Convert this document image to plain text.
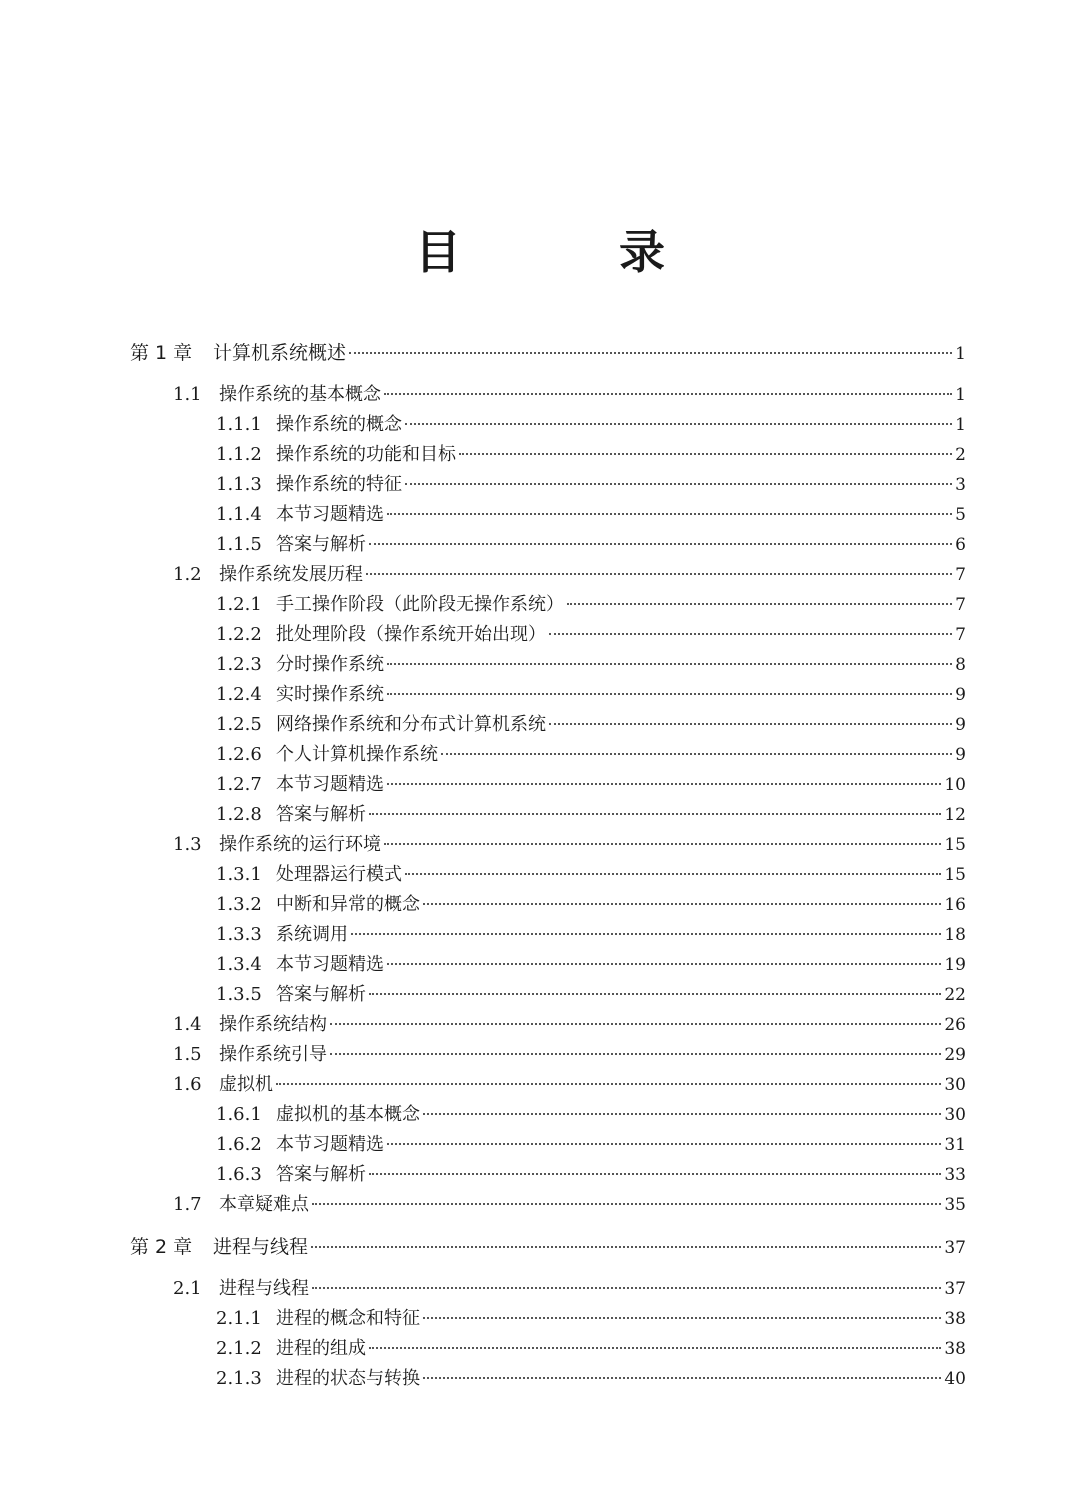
目　录
第 1 章	计算机系统概述	1
1.1 操作系统的基本概念	1
1.1.1 操作系统的概念	1
1.1.2 操作系统的功能和目标	2
1.1.3 操作系统的特征	3
1.1.4 本节习题精选	5
1.1.5 答案与解析	6
1.2 操作系统发展历程	7
1.2.1 手工操作阶段（此阶段无操作系统）	7
1.2.2 批处理阶段（操作系统开始出现）	7
1.2.3 分时操作系统	8
1.2.4 实时操作系统	9
1.2.5 网络操作系统和分布式计算机系统	9
1.2.6 个人计算机操作系统	9
1.2.7 本节习题精选	10
1.2.8 答案与解析	12
1.3 操作系统的运行环境	15
1.3.1 处理器运行模式	15
1.3.2 中断和异常的概念	16
1.3.3 系统调用	18
1.3.4 本节习题精选	19
1.3.5 答案与解析	22
1.4 操作系统结构	26
1.5 操作系统引导	29
1.6 虚拟机	30
1.6.1 虚拟机的基本概念	30
1.6.2 本节习题精选	31
1.6.3 答案与解析	33
1.7 本章疑难点	35
第 2 章	进程与线程	37
2.1 进程与线程	37
2.1.1 进程的概念和特征	38
2.1.2 进程的组成	38
2.1.3 进程的状态与转换	40
